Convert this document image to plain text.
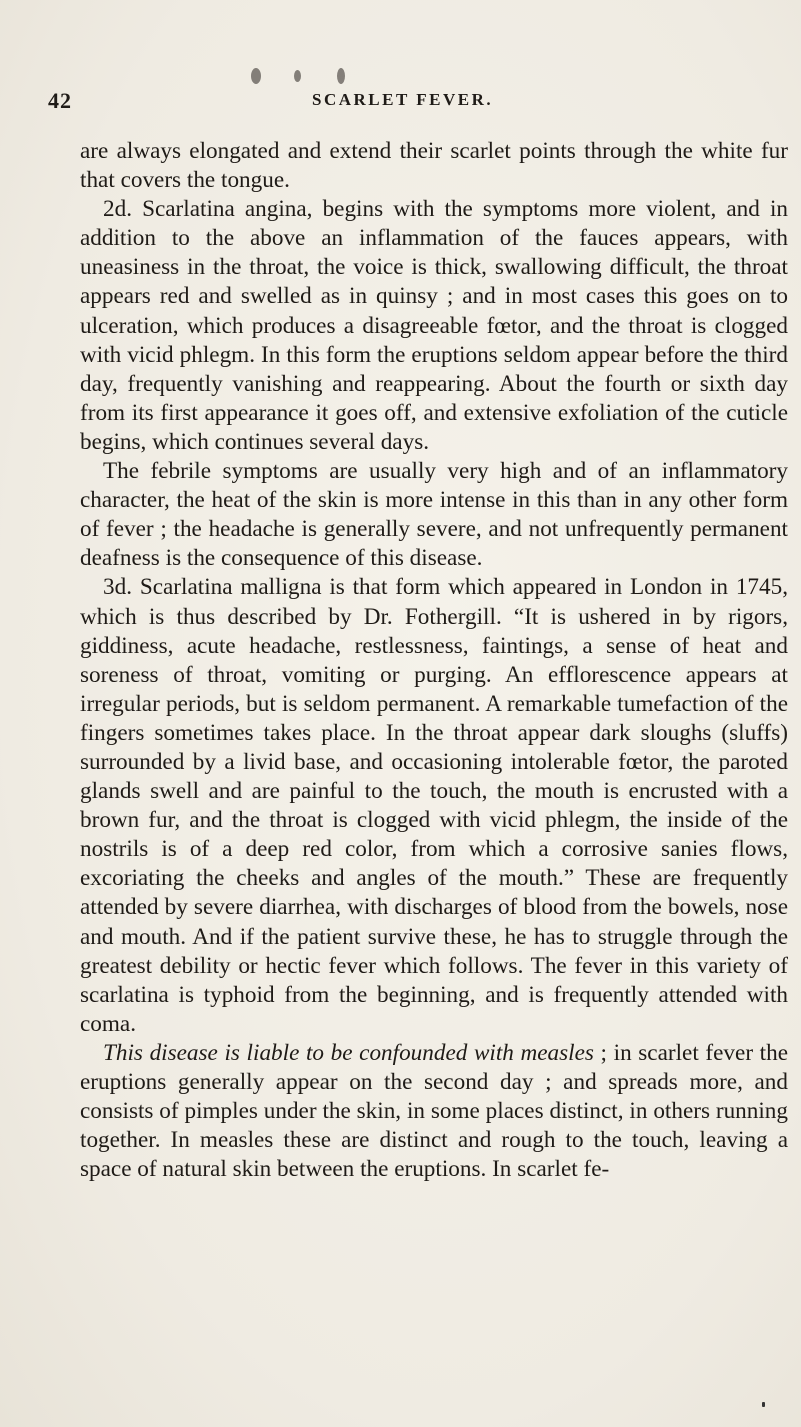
42	SCARLET FEVER.

are always elongated and extend their scarlet points through the white fur that covers the tongue.

2d. Scarlatina angina, begins with the symptoms more violent, and in addition to the above an inflammation of the fauces appears, with uneasiness in the throat, the voice is thick, swallowing difficult, the throat appears red and swelled as in quinsy ; and in most cases this goes on to ulceration, which produces a disagreeable fœtor, and the throat is clogged with vicid phlegm. In this form the eruptions seldom appear before the third day, frequently vanishing and reappearing. About the fourth or sixth day from its first appearance it goes off, and extensive exfoliation of the cuticle begins, which continues several days.

The febrile symptoms are usually very high and of an inflammatory character, the heat of the skin is more intense in this than in any other form of fever ; the headache is generally severe, and not unfrequently permanent deafness is the consequence of this disease.

3d. Scarlatina malligna is that form which appeared in London in 1745, which is thus described by Dr. Fothergill. “It is ushered in by rigors, giddiness, acute headache, restlessness, faintings, a sense of heat and soreness of throat, vomiting or purging. An efflorescence appears at irregular periods, but is seldom permanent. A remarkable tumefaction of the fingers sometimes takes place. In the throat appear dark sloughs (sluffs) surrounded by a livid base, and occasioning intolerable fœtor, the paroted glands swell and are painful to the touch, the mouth is encrusted with a brown fur, and the throat is clogged with vicid phlegm, the inside of the nostrils is of a deep red color, from which a corrosive sanies flows, excoriating the cheeks and angles of the mouth.” These are frequently attended by severe diarrhea, with discharges of blood from the bowels, nose and mouth. And if the patient survive these, he has to struggle through the greatest debility or hectic fever which follows. The fever in this variety of scarlatina is typhoid from the beginning, and is frequently attended with coma.

This disease is liable to be confounded with measles ; in scarlet fever the eruptions generally appear on the second day ; and spreads more, and consists of pimples under the skin, in some places distinct, in others running together. In measles these are distinct and rough to the touch, leaving a space of natural skin between the eruptions. In scarlet fe-
